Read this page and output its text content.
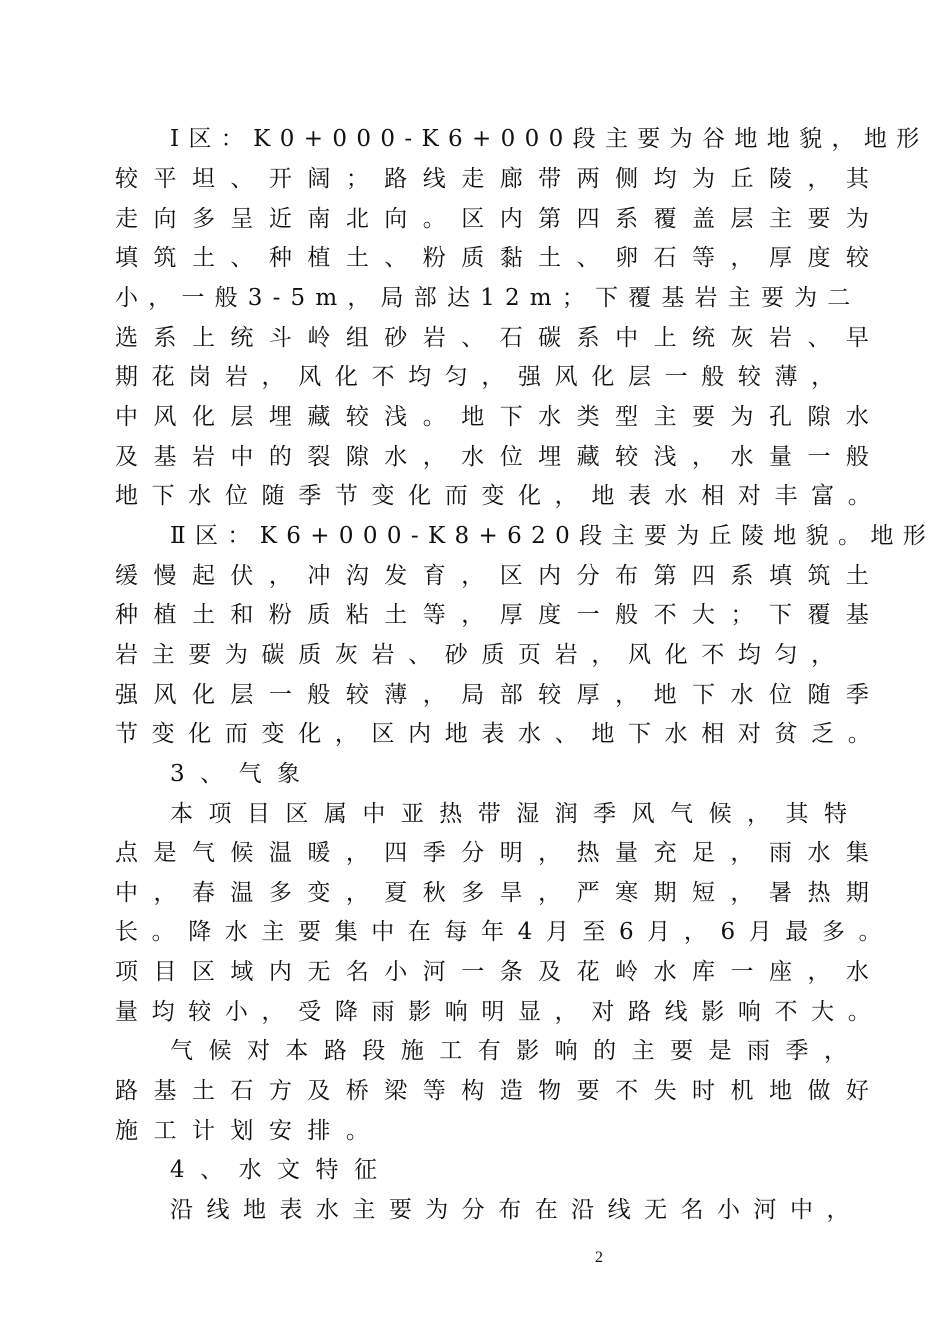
Ⅰ区：K0+000-K6+000段主要为谷地地貌，地形
较平坦、开阔；路线走廊带两侧均为丘陵，其
走向多呈近南北向。区内第四系覆盖层主要为
填筑土、种植土、粉质黏土、卵石等，厚度较
小，一般3-5m，局部达12m；下覆基岩主要为二
选系上统斗岭组砂岩、石碳系中上统灰岩、早
期花岗岩，风化不均匀，强风化层一般较薄，
中风化层埋藏较浅。地下水类型主要为孔隙水
及基岩中的裂隙水，水位埋藏较浅，水量一般
地下水位随季节变化而变化，地表水相对丰富。
Ⅱ区：K6+000-K8+620段主要为丘陵地貌。地形
缓慢起伏，冲沟发育，区内分布第四系填筑土
种植土和粉质粘土等，厚度一般不大；下覆基
岩主要为碳质灰岩、砂质页岩，风化不均匀，
强风化层一般较薄，局部较厚，地下水位随季
节变化而变化，区内地表水、地下水相对贫乏。
3、气象
本项目区属中亚热带湿润季风气候，其特
点是气候温暖，四季分明，热量充足，雨水集
中，春温多变，夏秋多旱，严寒期短，暑热期
长。降水主要集中在每年4月至6月，6月最多。
项目区域内无名小河一条及花岭水库一座，水
量均较小，受降雨影响明显，对路线影响不大。
气候对本路段施工有影响的主要是雨季，
路基土石方及桥梁等构造物要不失时机地做好
施工计划安排。
4、水文特征
沿线地表水主要为分布在沿线无名小河中，
2
